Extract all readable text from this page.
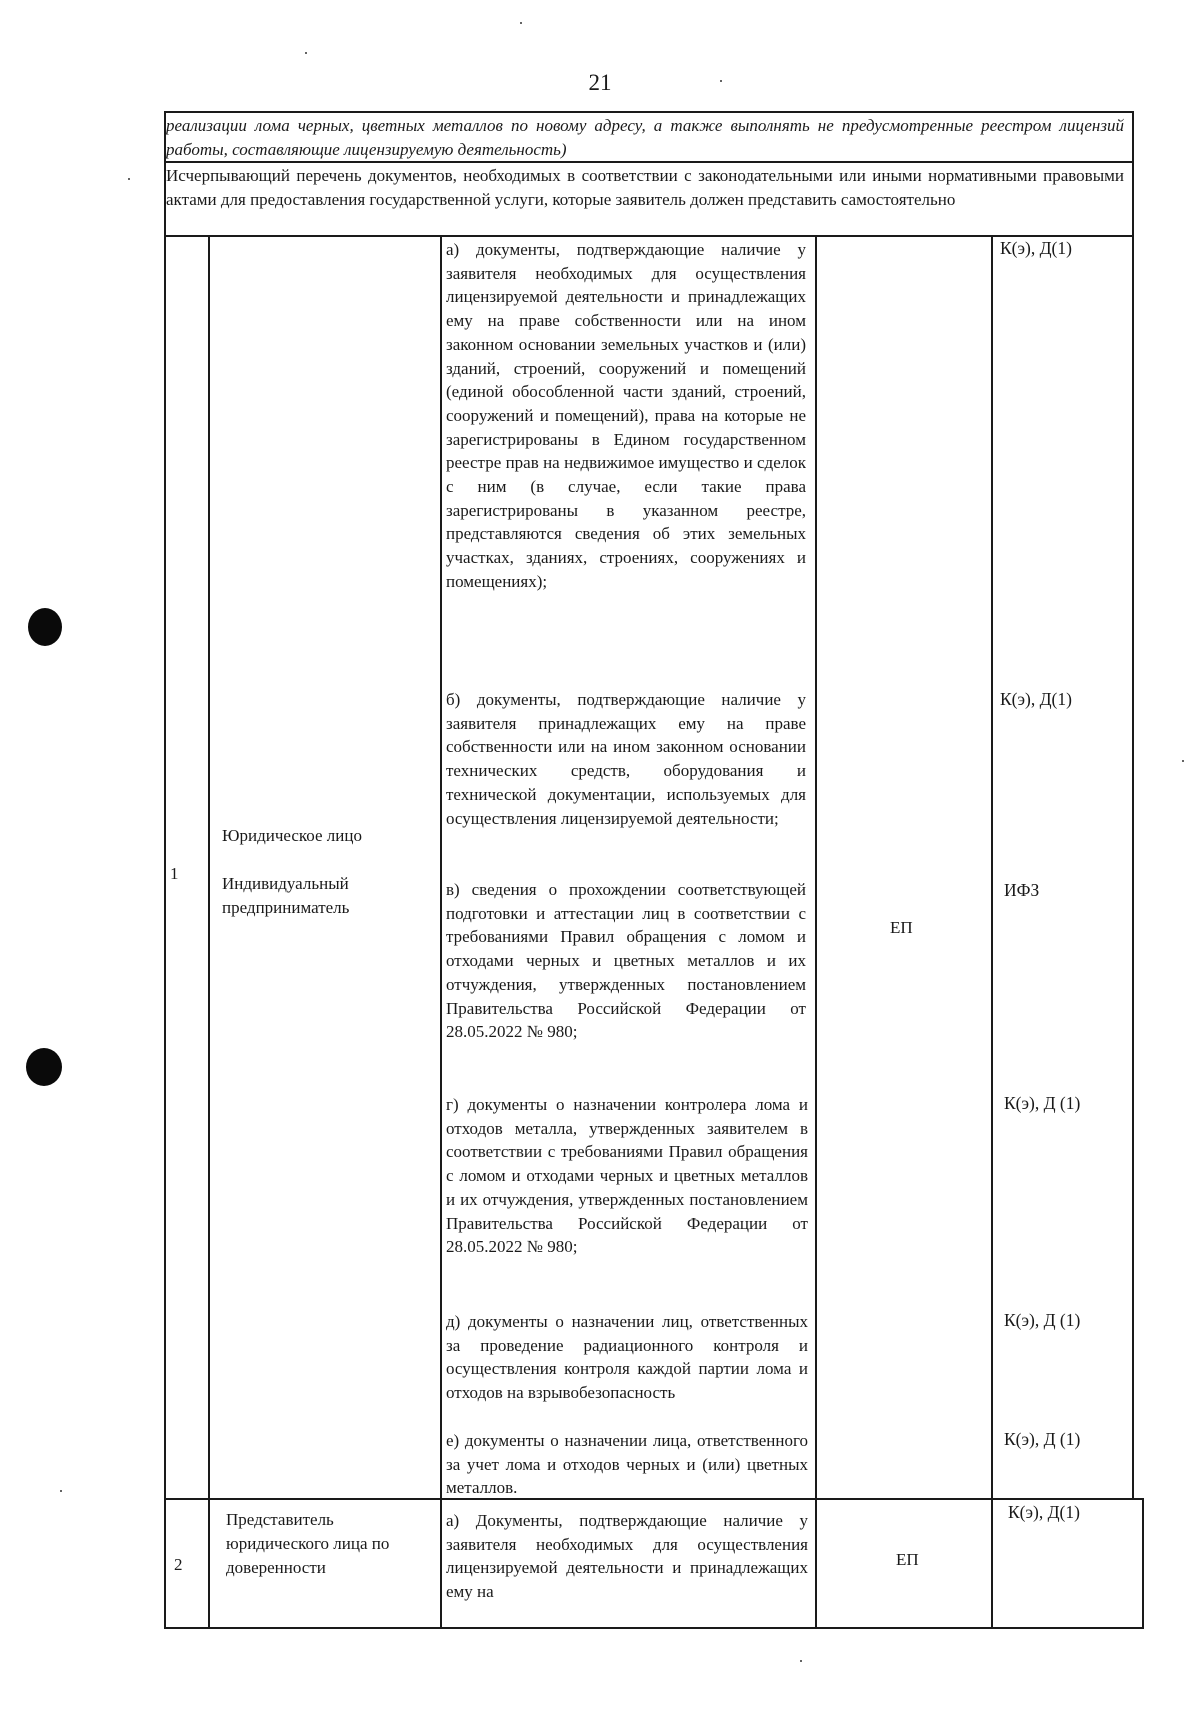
21
реализации лома черных, цветных металлов по новому адресу, а также выполнять не предусмотренные реестром лицензий работы, составляющие лицензируемую деятельность)
Исчерпывающий перечень документов, необходимых в соответствии с законодательными или иными нормативными правовыми актами для предоставления государственной услуги, которые заявитель должен представить самостоятельно
1
Юридическое лицо
Индивидуальный
предприниматель
а) документы, подтверждающие наличие у заявителя необходимых для осуществления лицензируемой деятельности и принадлежащих ему на праве собственности или на ином законном основании земельных участков и (или) зданий, строений, сооружений и помещений (единой обособленной части зданий, строений, сооружений и помещений), права на которые не зарегистрированы в Едином государственном реестре прав на недвижимое имущество и сделок с ним (в случае, если такие права зарегистрированы в указанном реестре, представляются сведения об этих земельных участках, зданиях, строениях, сооружениях и помещениях);
б) документы, подтверждающие наличие у заявителя принадлежащих ему на праве собственности или на ином законном основании технических средств, оборудования и технической документации, используемых для осуществления лицензируемой деятельности;
в) сведения о прохождении соответствующей подготовки и аттестации лиц в соответствии с требованиями Правил обращения с ломом и отходами черных и цветных металлов и их отчуждения, утвержденных постановлением Правительства Российской Федерации от 28.05.2022 № 980;
г) документы о назначении контролера лома и отходов металла, утвержденных заявителем в соответствии с требованиями Правил обращения с ломом и отходами черных и цветных металлов и их отчуждения, утвержденных постановлением Правительства Российской Федерации от 28.05.2022 № 980;
д) документы о назначении лиц, ответственных за проведение радиационного контроля и осуществления контроля каждой партии лома и отходов на взрывобезопасность
е) документы о назначении лица, ответственного за учет лома и отходов черных и (или) цветных металлов.
ЕП
К(э), Д(1)
К(э), Д(1)
ИФЗ
К(э), Д (1)
К(э), Д (1)
К(э), Д (1)
2
Представитель
юридического лица по
доверенности
а) Документы, подтверждающие наличие у заявителя необходимых для осуществления лицензируемой деятельности и принадлежащих ему на
ЕП
К(э), Д(1)
